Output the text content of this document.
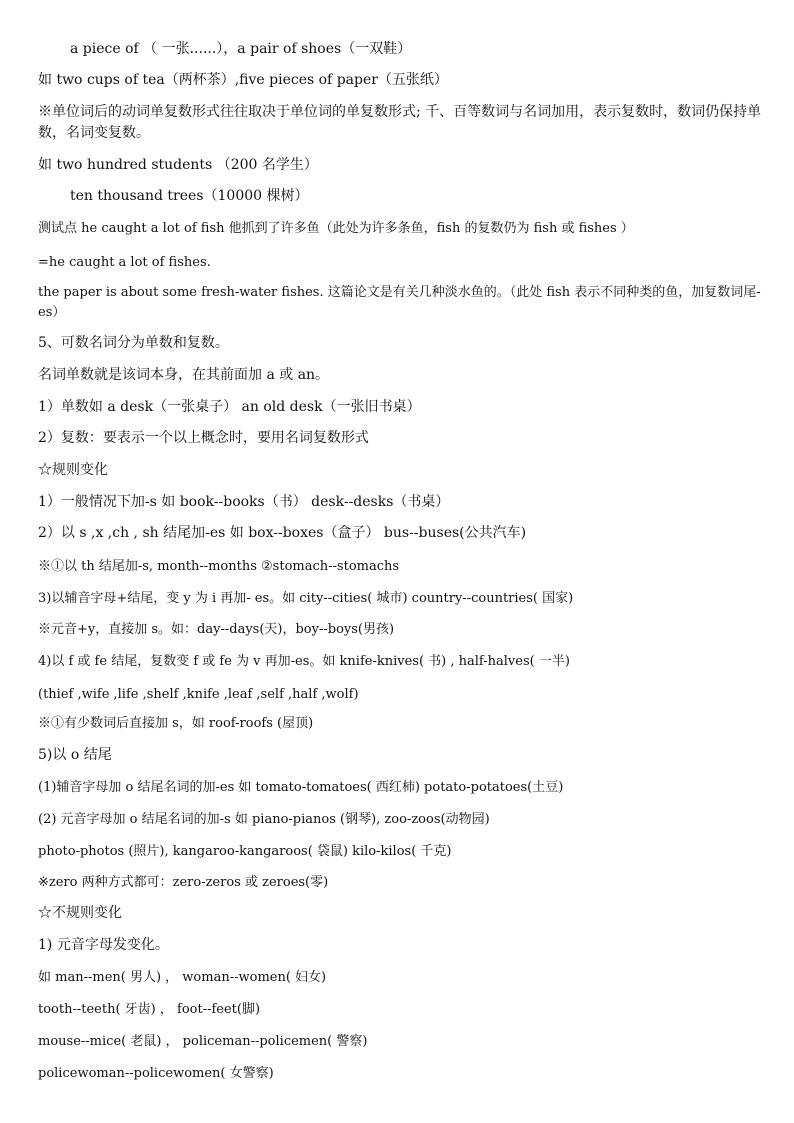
a piece of （ 一张......），a pair of shoes（一双鞋）
如 two cups of tea（两杯茶）,five pieces of paper（五张纸）
※单位词后的动词单复数形式往往取决于单位词的单复数形式; 千、百等数词与名词加用，表示复数时，数词仍保持单数，名词变复数。
如 two hundred students （200 名学生）
ten thousand trees（10000 棵树）
测试点 he caught a lot of fish 他抓到了许多鱼（此处为许多条鱼，fish 的复数仍为 fish 或 fishes ）
=he caught a lot of fishes.
the paper is about some fresh-water fishes. 这篇论文是有关几种淡水鱼的。（此处 fish 表示不同种类的鱼，加复数词尾-es）
5、可数名词分为单数和复数。
名词单数就是该词本身，在其前面加 a 或 an。
1）单数如 a desk（一张桌子） an old desk（一张旧书桌）
2）复数：要表示一个以上概念时，要用名词复数形式
☆规则变化
1）一般情况下加-s 如 book--books（书） desk--desks（书桌）
2）以 s ,x ,ch , sh 结尾加-es 如 box--boxes（盒子） bus--buses(公共汽车)
※①以 th 结尾加-s, month--months ②stomach--stomachs
3)以辅音字母+结尾，变 y 为 i 再加- es。如 city--cities( 城市) country--countries( 国家)
※元音+y，直接加 s。如：day--days(天)，boy--boys(男孩)
4)以 f 或 fe 结尾，复数变 f 或 fe 为 v 再加-es。如 knife-knives( 书) , half-halves( 一半)
(thief ,wife ,life ,shelf ,knife ,leaf ,self ,half ,wolf)
※①有少数词后直接加 s，如 roof-roofs (屋顶)
5)以 o 结尾
(1)辅音字母加 o 结尾名词的加-es 如 tomato-tomatoes( 西红柿) potato-potatoes(土豆)
(2) 元音字母加 o 结尾名词的加-s 如 piano-pianos (钢琴), zoo-zoos(动物园)
photo-photos (照片), kangaroo-kangaroos( 袋鼠) kilo-kilos( 千克)
※zero 两种方式都可：zero-zeros 或 zeroes(零)
☆不规则变化
1) 元音字母发变化。
如 man--men( 男人) ， woman--women( 妇女)
tooth--teeth( 牙齿) ， foot--feet(脚)
mouse--mice( 老鼠) ， policeman--policemen( 警察)
policewoman--policewomen( 女警察)
